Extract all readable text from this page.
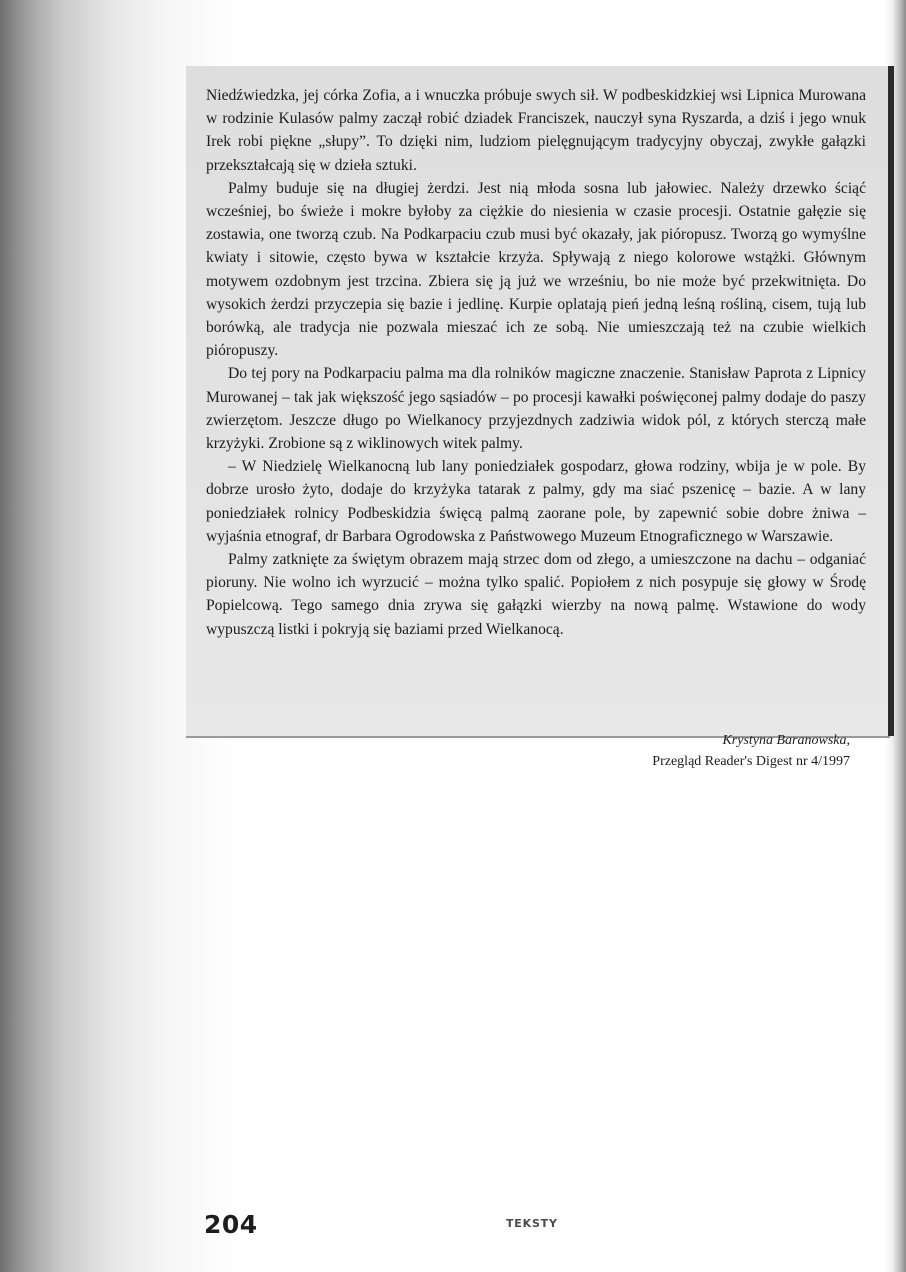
Krystyna Baranowska,
Przegląd Reader's Digest nr 4/1997

Niedźwiedzka, jej córka Zofia, a i wnuczka próbuje swych sił. W podbeskidzkiej wsi Lipnica Murowana w rodzinie Kulasów palmy zaczął robić dziadek Franciszek, nauczył syna Ryszarda, a dziś i jego wnuk Irek robi piękne „słupy”. To dzięki nim, ludziom pielęgnującym tradycyjny obyczaj, zwykłe gałązki przekształcają się w dzieła sztuki.

Palmy buduje się na długiej żerdzi. Jest nią młoda sosna lub jałowiec. Należy drzewko ściąć wcześniej, bo świeże i mokre byłoby za ciężkie do niesienia w czasie procesji. Ostatnie gałęzie się zostawia, one tworzą czub. Na Podkarpaciu czub musi być okazały, jak pióropusz. Tworzą go wymyślne kwiaty i sitowie, często bywa w kształcie krzyża. Spływają z niego kolorowe wstążki. Głównym motywem ozdobnym jest trzcina. Zbiera się ją już we wrześniu, bo nie może być przekwitnięta. Do wysokich żerdzi przyczepia się bazie i jedlinę. Kurpie oplatają pień jedną leśną rośliną, cisem, tują lub borówką, ale tradycja nie pozwala mieszać ich ze sobą. Nie umieszczają też na czubie wielkich pióropuszy.

Do tej pory na Podkarpaciu palma ma dla rolników magiczne znaczenie. Stanisław Paprota z Lipnicy Murowanej – tak jak większość jego sąsiadów – po procesji kawałki poświęconej palmy dodaje do paszy zwierzętom. Jeszcze długo po Wielkanocy przyjezdnych zadziwia widok pól, z których sterczą małe krzyżyki. Zrobione są z wiklinowych witek palmy.

– W Niedzielę Wielkanocną lub lany poniedziałek gospodarz, głowa rodziny, wbija je w pole. By dobrze urosło żyto, dodaje do krzyżyka tatarak z palmy, gdy ma siać pszenicę – bazie. A w lany poniedziałek rolnicy Podbeskidzia święcą palmą zaorane pole, by zapewnić sobie dobre żniwa – wyjaśnia etnograf, dr Barbara Ogrodowska z Państwowego Muzeum Etnograficznego w Warszawie.

Palmy zatknięte za świętym obrazem mają strzec dom od złego, a umieszczone na dachu – odganiać pioruny. Nie wolno ich wyrzucić – można tylko spalić. Popiołem z nich posypuje się głowy w Środę Popielcową. Tego samego dnia zrywa się gałązki wierzby na nową palmę. Wstawione do wody wypuszczą listki i pokryją się baziami przed Wielkanocą.

204	TEKSTY
